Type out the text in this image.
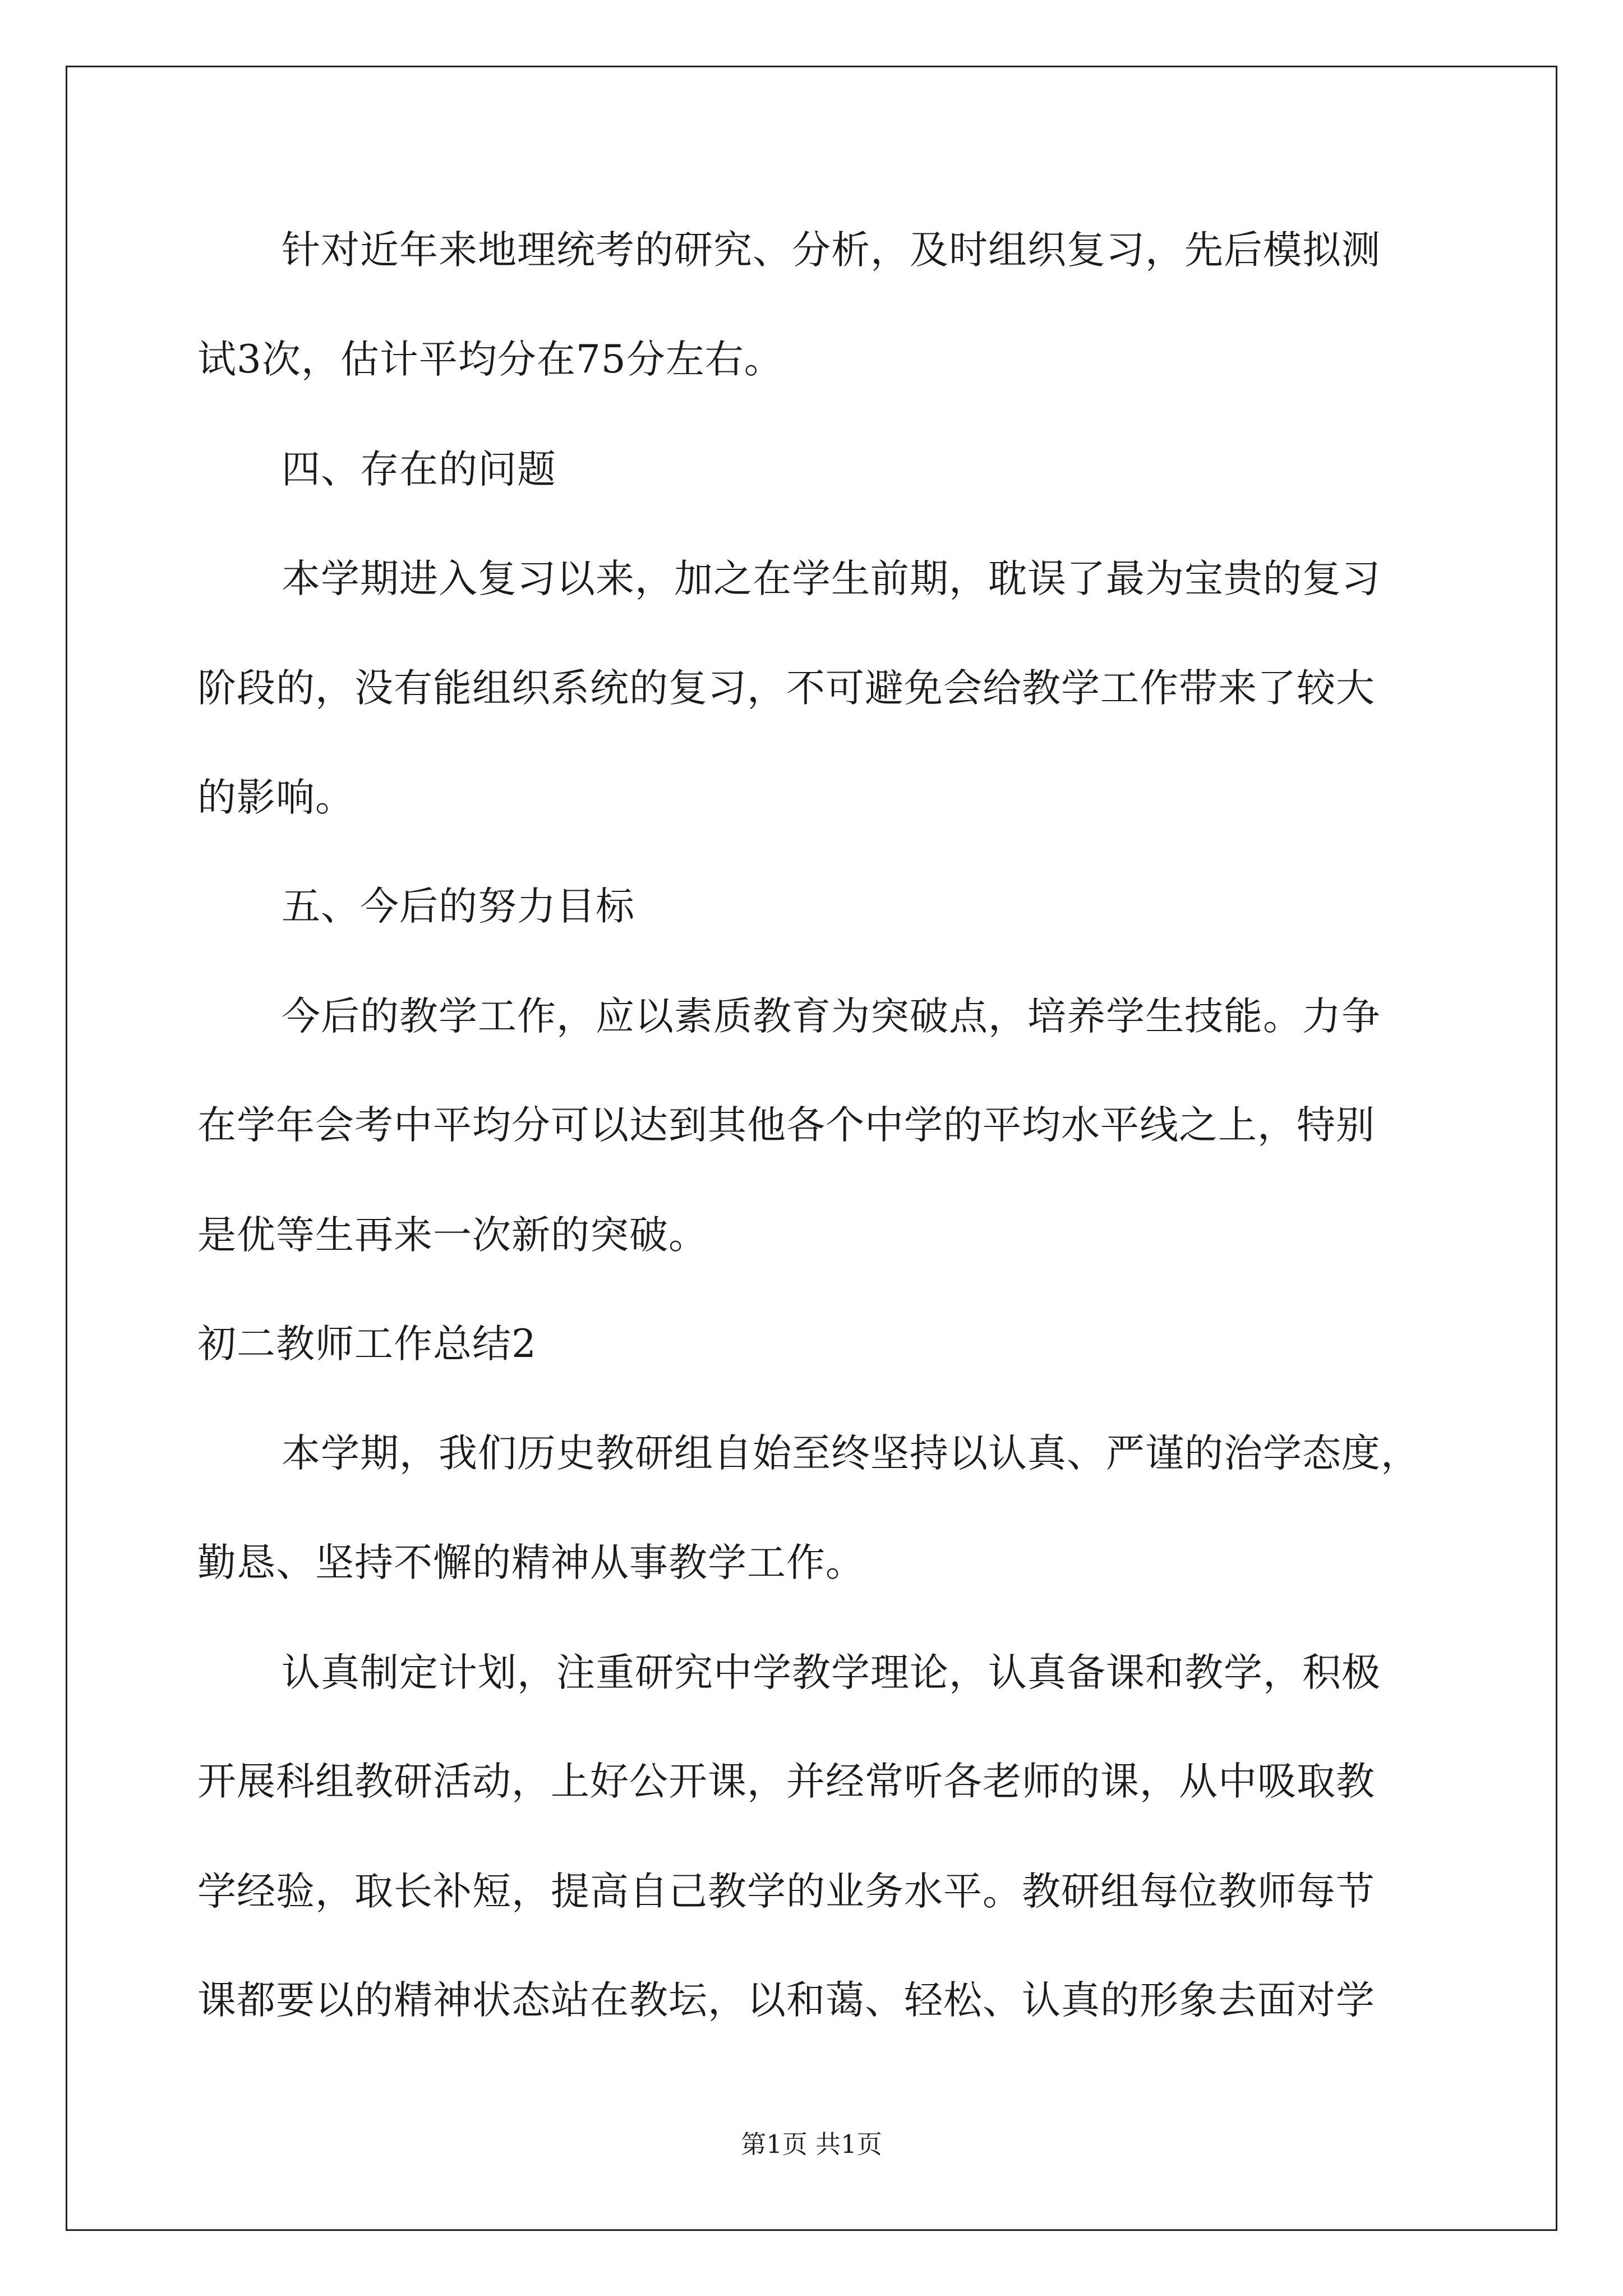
针对近年来地理统考的研究、分析，及时组织复习，先后模拟测
试3次，估计平均分在75分左右。
四、存在的问题
本学期进入复习以来，加之在学生前期，耽误了最为宝贵的复习
阶段的，没有能组织系统的复习，不可避免会给教学工作带来了较大
的影响。
五、今后的努力目标
今后的教学工作，应以素质教育为突破点，培养学生技能。力争
在学年会考中平均分可以达到其他各个中学的平均水平线之上，特别
是优等生再来一次新的突破。
初二教师工作总结2
本学期，我们历史教研组自始至终坚持以认真、严谨的治学态度，
勤恳、坚持不懈的精神从事教学工作。
认真制定计划，注重研究中学教学理论，认真备课和教学，积极
开展科组教研活动，上好公开课，并经常听各老师的课，从中吸取教
学经验，取长补短，提高自己教学的业务水平。教研组每位教师每节
课都要以的精神状态站在教坛，以和蔼、轻松、认真的形象去面对学
第1页 共1页
